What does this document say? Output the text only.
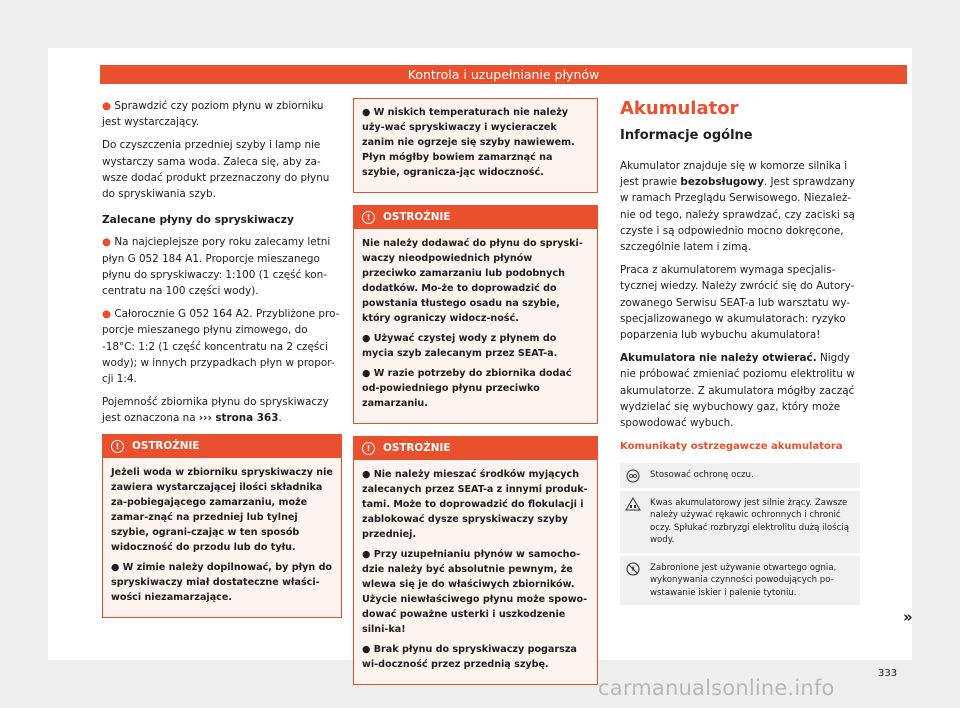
Kontrola i uzupełnianie płynów

● Sprawdzić czy poziom płynu w zbiorniku jest wystarczający.

Do czyszczenia przedniej szyby i lamp nie wystarczy sama woda. Zaleca się, aby za-wsze dodać produkt przeznaczony do płynu do spryskiwania szyb.

Zalecane płyny do spryskiwaczy

● Na najcieplejsze pory roku zalecamy letni płyn G 052 184 A1. Proporcje mieszanego płynu do spryskiwaczy: 1:100 (1 część kon-centratu na 100 części wody).

● Całorocznie G 052 164 A2. Przybliżone pro-porcje mieszanego płynu zimowego, do -18°C: 1:2 (1 część koncentratu na 2 części wody); w innych przypadkach płyn w propor-cji 1:4.

Pojemność zbiornika płynu do spryskiwaczy jest oznaczona na ››› strona 363.

!	OSTROŻNIE

Jeżeli woda w zbiorniku spryskiwaczy nie zawiera wystarczającej ilości składnika za-pobiegającego zamarzaniu, może zamar-znąć na przedniej lub tylnej szybie, ograni-czając w ten sposób widoczność do przodu lub do tyłu.

● W zimie należy dopilnować, by płyn do spryskiwaczy miał dostateczne właści-wości niezamarzające.

● W niskich temperaturach nie należy uży-wać spryskiwaczy i wycieraczek zanim nie ogrzeje się szyby nawiewem. Płyn mógłby bowiem zamarznąć na szybie, ogranicza-jąc widoczność.

!	OSTROŻNIE

Nie należy dodawać do płynu do spryski-waczy nieodpowiednich płynów przeciwko zamarzaniu lub podobnych dodatków. Mo-że to doprowadzić do powstania tłustego osadu na szybie, który ograniczy widocz-ność.

● Używać czystej wody z płynem do mycia szyb zalecanym przez SEAT-a.

● W razie potrzeby do zbiornika dodać od-powiedniego płynu przeciwko zamarzaniu.

!	OSTROŻNIE

● Nie należy mieszać środków myjących zalecanych przez SEAT-a z innymi produk-tami. Może to doprowadzić do flokulacji i zablokować dysze spryskiwaczy szyby przedniej.

● Przy uzupełnianiu płynów w samocho-dzie należy być absolutnie pewnym, że wlewa się je do właściwych zbiorników. Użycie niewłaściwego płynu może spowo-dować poważne usterki i uszkodzenie silni-ka!

● Brak płynu do spryskiwaczy pogarsza wi-doczność przez przednią szybę.

Akumulator
Informacje ogólne

Akumulator znajduje się w komorze silnika i jest prawie bezobsługowy. Jest sprawdzany w ramach Przeglądu Serwisowego. Niezależ-nie od tego, należy sprawdzać, czy zaciski są czyste i są odpowiednio mocno dokręcone, szczególnie latem i zimą.

Praca z akumulatorem wymaga specjalis-tycznej wiedzy. Należy zwrócić się do Autory-zowanego Serwisu SEAT-a lub warsztatu wy-specjalizowanego w akumulatorach: ryzyko poparzenia lub wybuchu akumulatora!

Akumulatora nie należy otwierać. Nigdy nie próbować zmieniać poziomu elektrolitu w akumulatorze. Z akumulatora mógłby zacząć wydzielać się wybuchowy gaz, który może spowodować wybuch.

Komunikaty ostrzegawcze akumulatora
Stosować ochronę oczu.
Kwas akumulatorowy jest silnie żrący. Zawsze należy używać rękawic ochronnych i chronić oczy. Spłukać rozbryzgi elektrolitu dużą ilością wody.
Zabronione jest używanie otwartego ognia, wykonywania czynności powodujących po-wstawanie iskier i palenie tytoniu.
»
333
carmanualsonline.info
